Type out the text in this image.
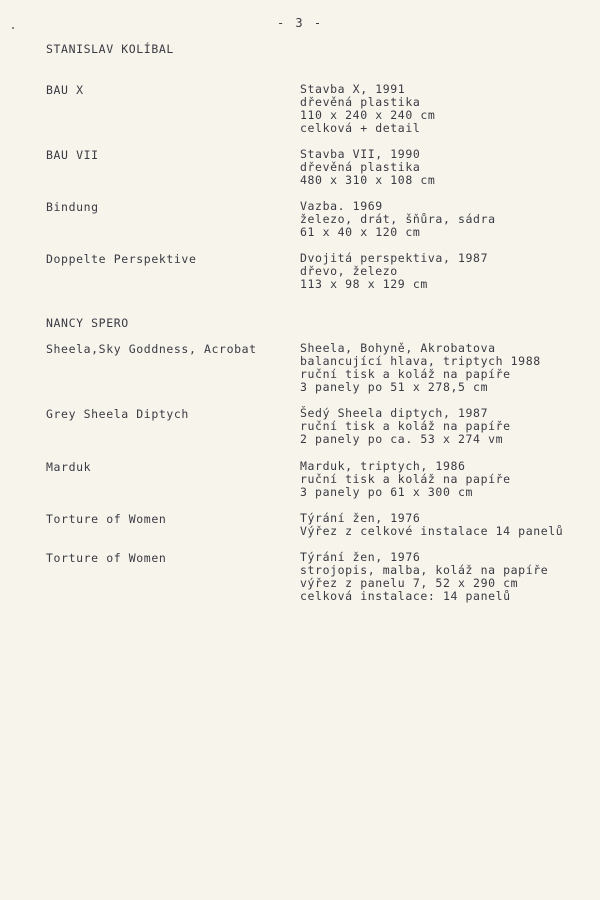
- 3 -
STANISLAV KOLÍBAL
BAU X	Stavba X, 1991
dřevěná plastika
110 x 240 x 240 cm
celková + detail
BAU VII	Stavba VII, 1990
dřevěná plastika
480 x 310 x 108 cm
Bindung	Vazba. 1969
železo, drát, šňůra, sádra
61 x 40 x 120 cm
Doppelte Perspektive	Dvojitá perspektiva, 1987
dřevo, železo
113 x 98 x 129 cm
NANCY SPERO
Sheela,Sky Goddness, Acrobat	Sheela, Bohyně, Akrobatova
balancující hlava, triptych 1988
ruční tisk a koláž na papíře
3 panely po 51 x 278,5 cm
Grey Sheela Diptych	Šedý Sheela diptych, 1987
ruční tisk a koláž na papíře
2 panely po ca. 53 x 274 vm
Marduk	Marduk, triptych, 1986
ruční tisk a koláž na papíře
3 panely po 61 x 300 cm
Torture of Women	Týrání žen, 1976
Výřez z celkové instalace 14 panelů
Torture of Women	Týrání žen, 1976
strojopis, malba, koláž na papíře
výřez z panelu 7, 52 x 290 cm
celková instalace: 14 panelů
